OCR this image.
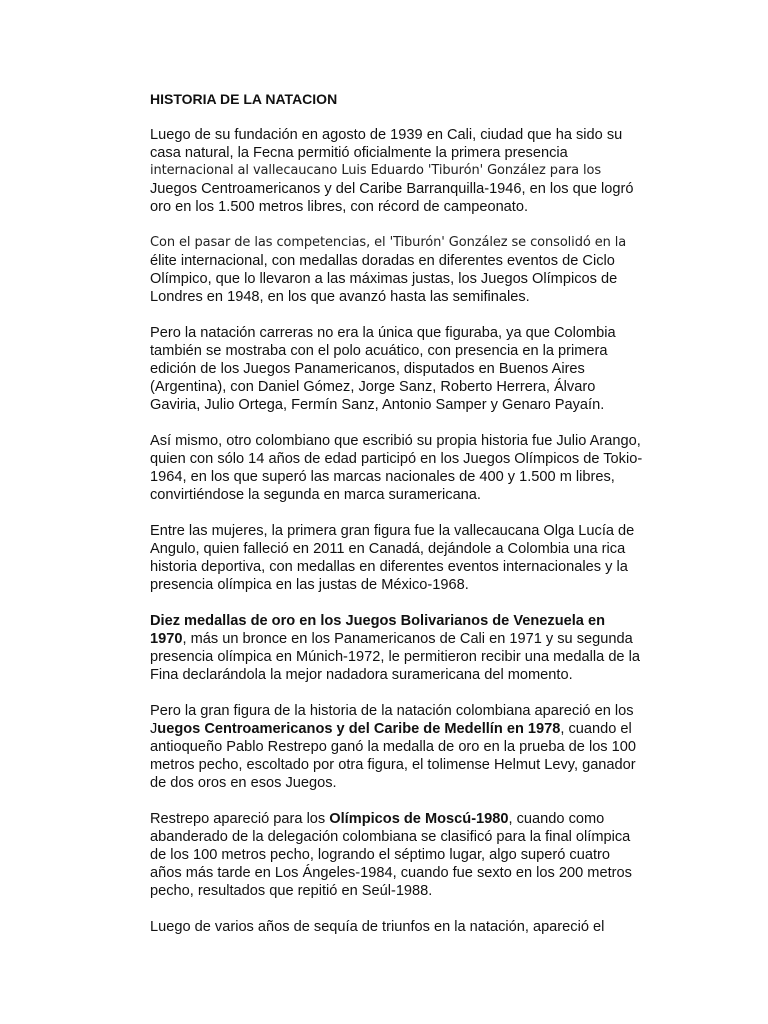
HISTORIA DE LA NATACION

Luego de su fundación en agosto de 1939 en Cali, ciudad que ha sido su
casa natural, la Fecna permitió oficialmente la primera presencia
internacional al vallecaucano Luis Eduardo 'Tiburón' González para los
Juegos Centroamericanos y del Caribe Barranquilla-1946, en los que logró
oro en los 1.500 metros libres, con récord de campeonato.

Con el pasar de las competencias, el 'Tiburón' González se consolidó en la
élite internacional, con medallas doradas en diferentes eventos de Ciclo
Olímpico, que lo llevaron a las máximas justas, los Juegos Olímpicos de
Londres en 1948, en los que avanzó hasta las semifinales.

Pero la natación carreras no era la única que figuraba, ya que Colombia
también se mostraba con el polo acuático, con presencia en la primera
edición de los Juegos Panamericanos, disputados en Buenos Aires
(Argentina), con Daniel Gómez, Jorge Sanz, Roberto Herrera, Álvaro
Gaviria, Julio Ortega, Fermín Sanz, Antonio Samper y Genaro Payaín.

Así mismo, otro colombiano que escribió su propia historia fue Julio Arango,
quien con sólo 14 años de edad participó en los Juegos Olímpicos de Tokio-
1964, en los que superó las marcas nacionales de 400 y 1.500 m libres,
convirtiéndose la segunda en marca suramericana.

Entre las mujeres, la primera gran figura fue la vallecaucana Olga Lucía de
Angulo, quien falleció en 2011 en Canadá, dejándole a Colombia una rica
historia deportiva, con medallas en diferentes eventos internacionales y la
presencia olímpica en las justas de México-1968.

Diez medallas de oro en los Juegos Bolivarianos de Venezuela en
1970, más un bronce en los Panamericanos de Cali en 1971 y su segunda
presencia olímpica en Múnich-1972, le permitieron recibir una medalla de la
Fina declarándola la mejor nadadora suramericana del momento.

Pero la gran figura de la historia de la natación colombiana apareció en los
Juegos Centroamericanos y del Caribe de Medellín en 1978, cuando el
antioqueño Pablo Restrepo ganó la medalla de oro en la prueba de los 100
metros pecho, escoltado por otra figura, el tolimense Helmut Levy, ganador
de dos oros en esos Juegos.

Restrepo apareció para los Olímpicos de Moscú-1980, cuando como
abanderado de la delegación colombiana se clasificó para la final olímpica
de los 100 metros pecho, logrando el séptimo lugar, algo superó cuatro
años más tarde en Los Ángeles-1984, cuando fue sexto en los 200 metros
pecho, resultados que repitió en Seúl-1988.

Luego de varios años de sequía de triunfos en la natación, apareció el
